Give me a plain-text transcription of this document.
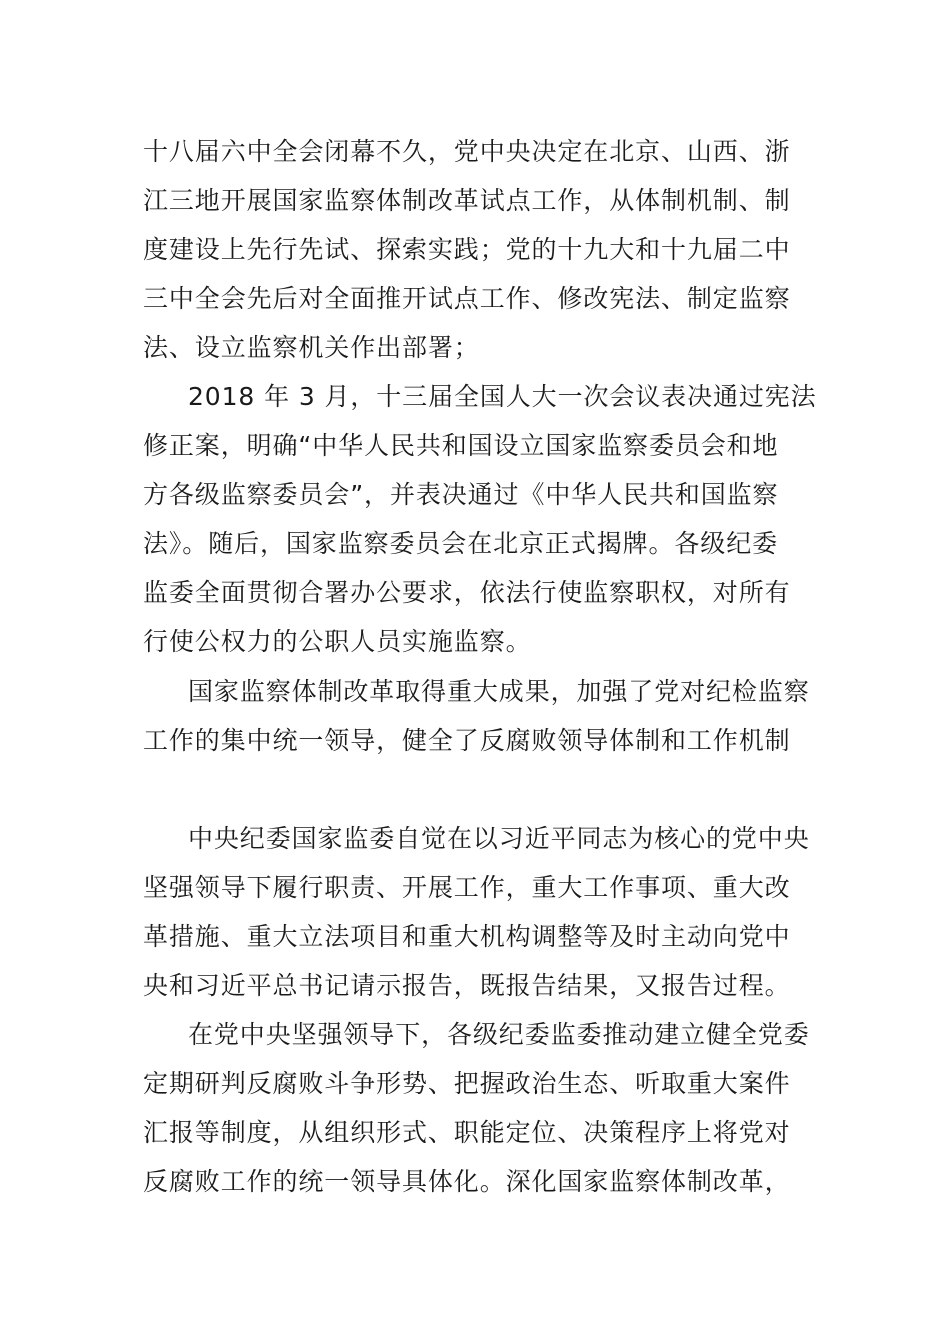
十八届六中全会闭幕不久，党中央决定在北京、山西、浙
江三地开展国家监察体制改革试点工作，从体制机制、制
度建设上先行先试、探索实践；党的十九大和十九届二中
三中全会先后对全面推开试点工作、修改宪法、制定监察
法、设立监察机关作出部署；
2018 年 3 月，十三届全国人大一次会议表决通过宪法
修正案，明确“中华人民共和国设立国家监察委员会和地
方各级监察委员会”，并表决通过《中华人民共和国监察
法》。随后，国家监察委员会在北京正式揭牌。各级纪委
监委全面贯彻合署办公要求，依法行使监察职权，对所有
行使公权力的公职人员实施监察。
国家监察体制改革取得重大成果，加强了党对纪检监察
工作的集中统一领导，健全了反腐败领导体制和工作机制
中央纪委国家监委自觉在以习近平同志为核心的党中央
坚强领导下履行职责、开展工作，重大工作事项、重大改
革措施、重大立法项目和重大机构调整等及时主动向党中
央和习近平总书记请示报告，既报告结果，又报告过程。
在党中央坚强领导下，各级纪委监委推动建立健全党委
定期研判反腐败斗争形势、把握政治生态、听取重大案件
汇报等制度，从组织形式、职能定位、决策程序上将党对
反腐败工作的统一领导具体化。深化国家监察体制改革，
